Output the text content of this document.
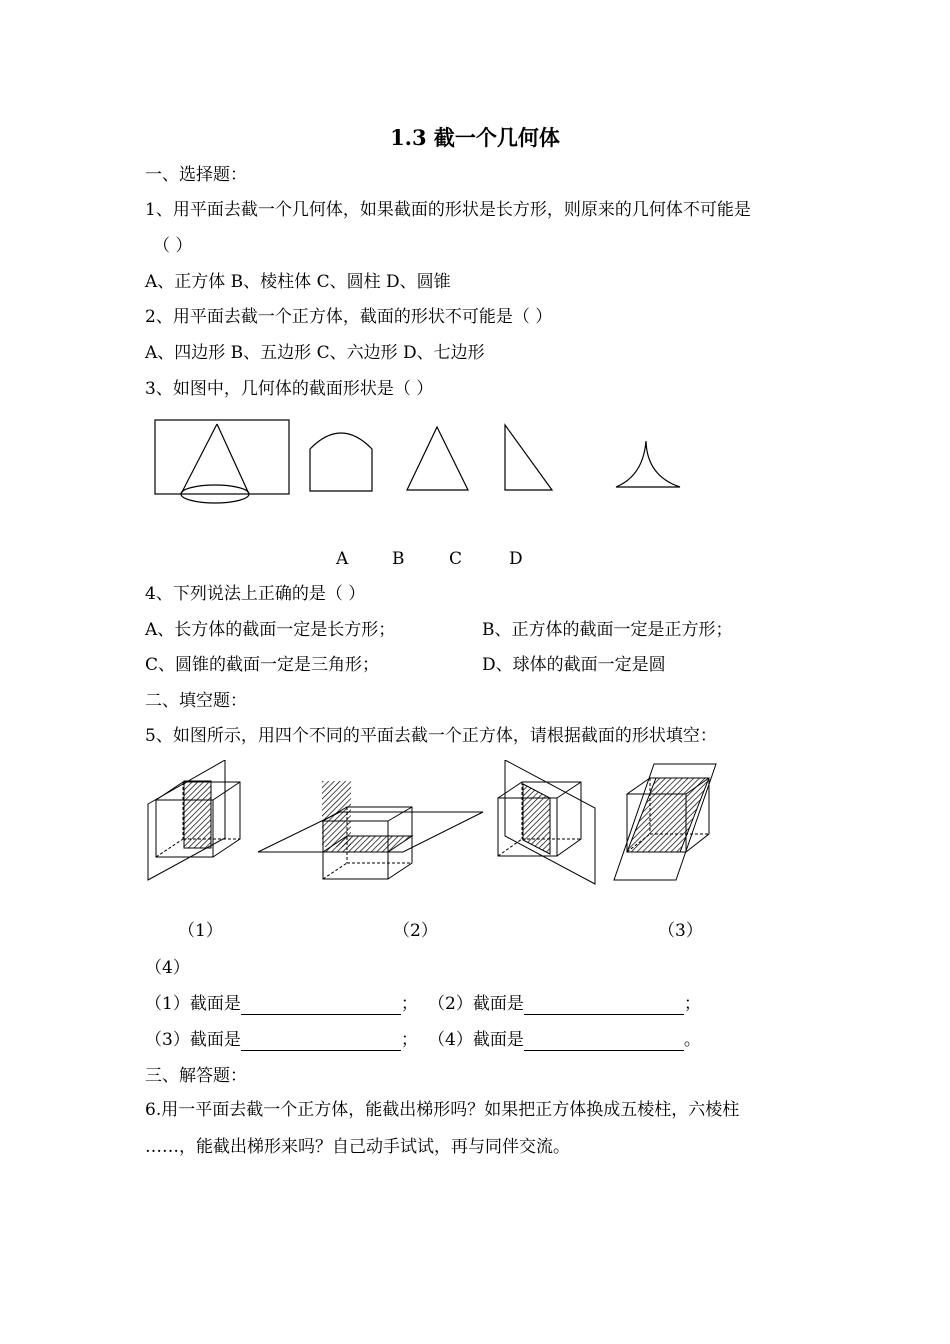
1.3 截一个几何体
一、选择题：
1、用平面去截一个几何体，如果截面的形状是长方形，则原来的几何体不可能是
（ ）
A、正方体 B、棱柱体 C、圆柱 D、圆锥
2、用平面去截一个正方体，截面的形状不可能是（ ）
A、四边形 B、五边形 C、六边形 D、七边形
3、如图中，几何体的截面形状是（ ）
A	B	C	D
4、下列说法上正确的是（ ）
A、长方体的截面一定是长方形；	B、正方体的截面一定是正方形；
C、圆锥的截面一定是三角形；	D、球体的截面一定是圆
二、填空题：
5、如图所示，用四个不同的平面去截一个正方体，请根据截面的形状填空：
（1）	（2）	（3）
（4）
（1）截面是	； （2）截面是	；
（3）截面是	； （4）截面是	。
三、解答题：
6.用一平面去截一个正方体，能截出梯形吗？如果把正方体换成五棱柱，六棱柱
……，能截出梯形来吗？自己动手试试，再与同伴交流。
